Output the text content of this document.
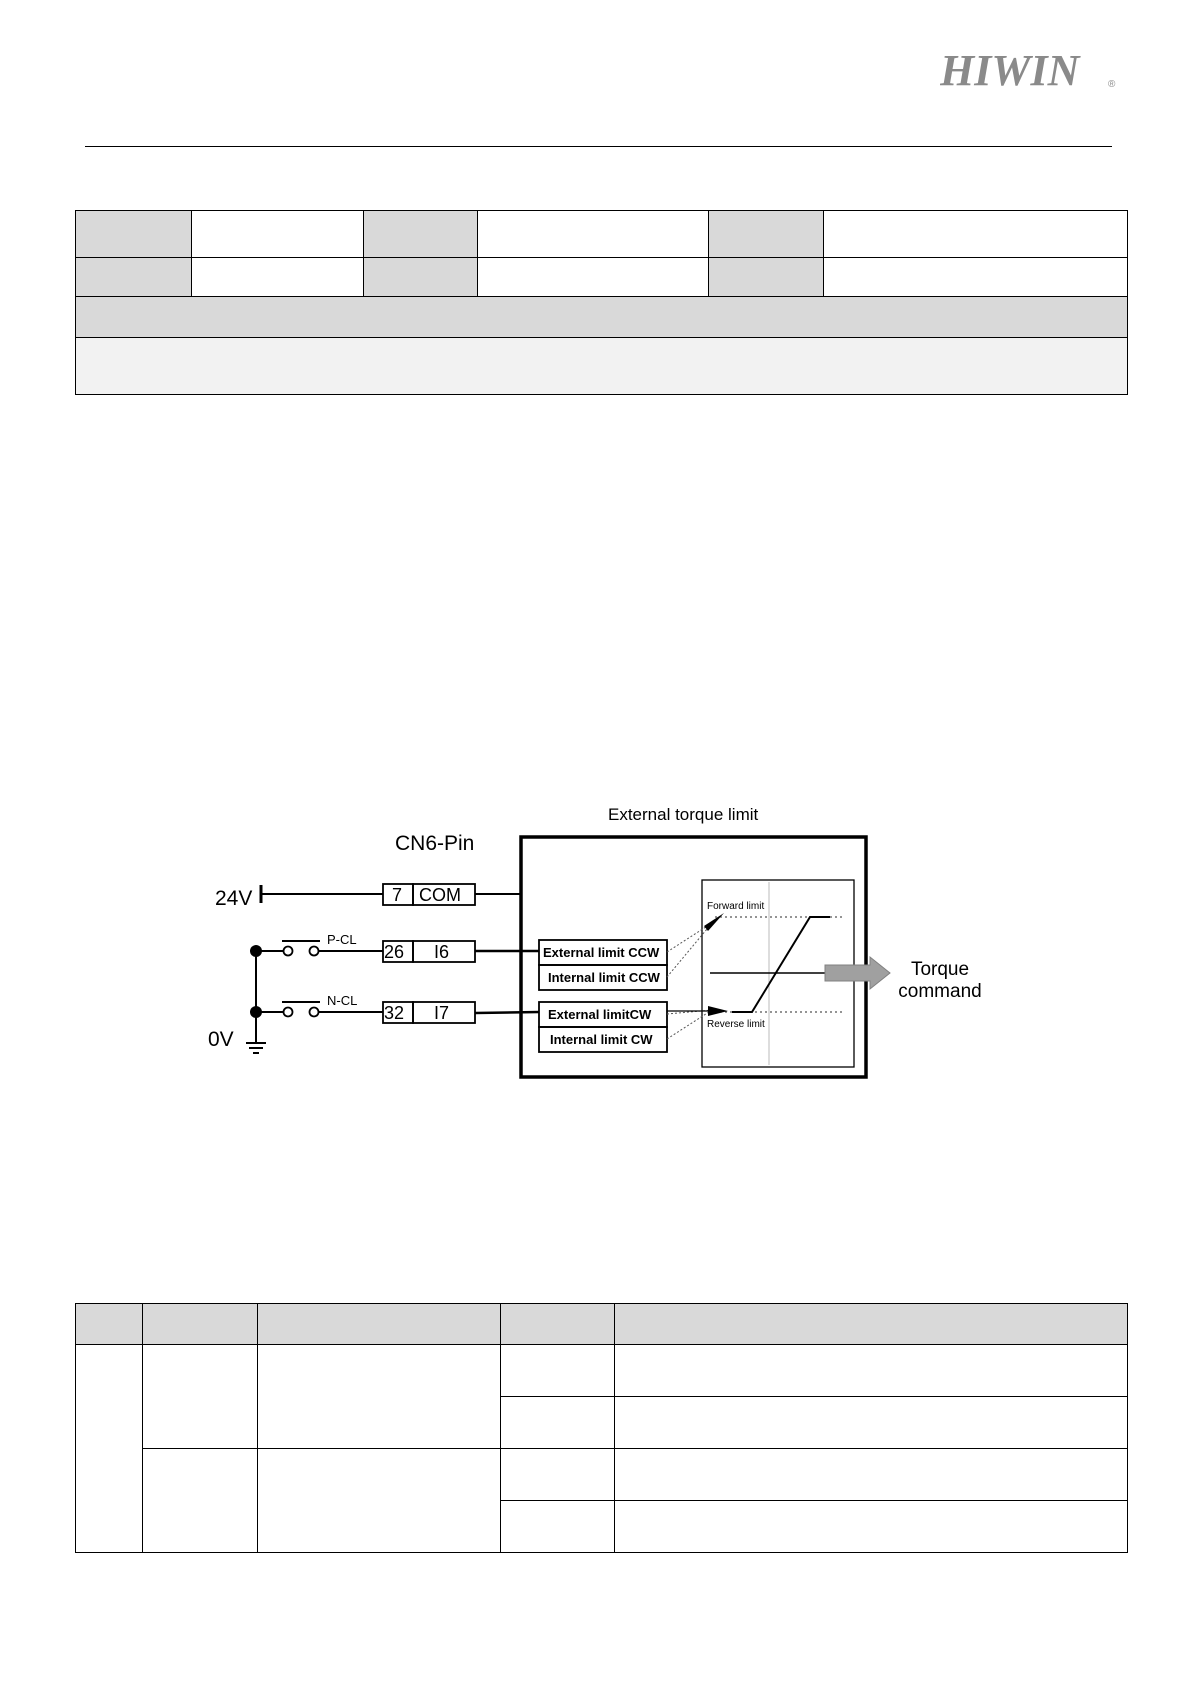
HIWIN	®

External torque limit
CN6-Pin
24V	7 COM
P-CL
26 I6
N-CL
32 I7
0V
External limit CCW
Internal limit CCW
External limitCW
Internal limit CW
Forward limit
Reverse limit
Torque
command
